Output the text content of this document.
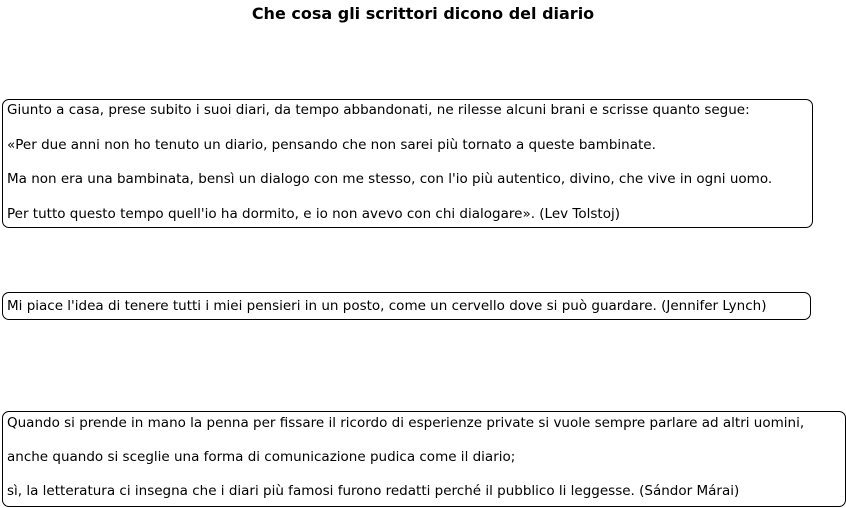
Che cosa gli scrittori dicono del diario

Giunto a casa, prese subito i suoi diari, da tempo abbandonati, ne rilesse alcuni brani e scrisse quanto segue:

«Per due anni non ho tenuto un diario, pensando che non sarei più tornato a queste bambinate.

Ma non era una bambinata, bensì un dialogo con me stesso, con l'io più autentico, divino, che vive in ogni uomo.

Per tutto questo tempo quell'io ha dormito, e io non avevo con chi dialogare». (Lev Tolstoj)

Mi piace l'idea di tenere tutti i miei pensieri in un posto, come un cervello dove si può guardare. (Jennifer Lynch)

Quando si prende in mano la penna per fissare il ricordo di esperienze private si vuole sempre parlare ad altri uomini,

anche quando si sceglie una forma di comunicazione pudica come il diario;

sì, la letteratura ci insegna che i diari più famosi furono redatti perché il pubblico li leggesse. (Sándor Márai)
